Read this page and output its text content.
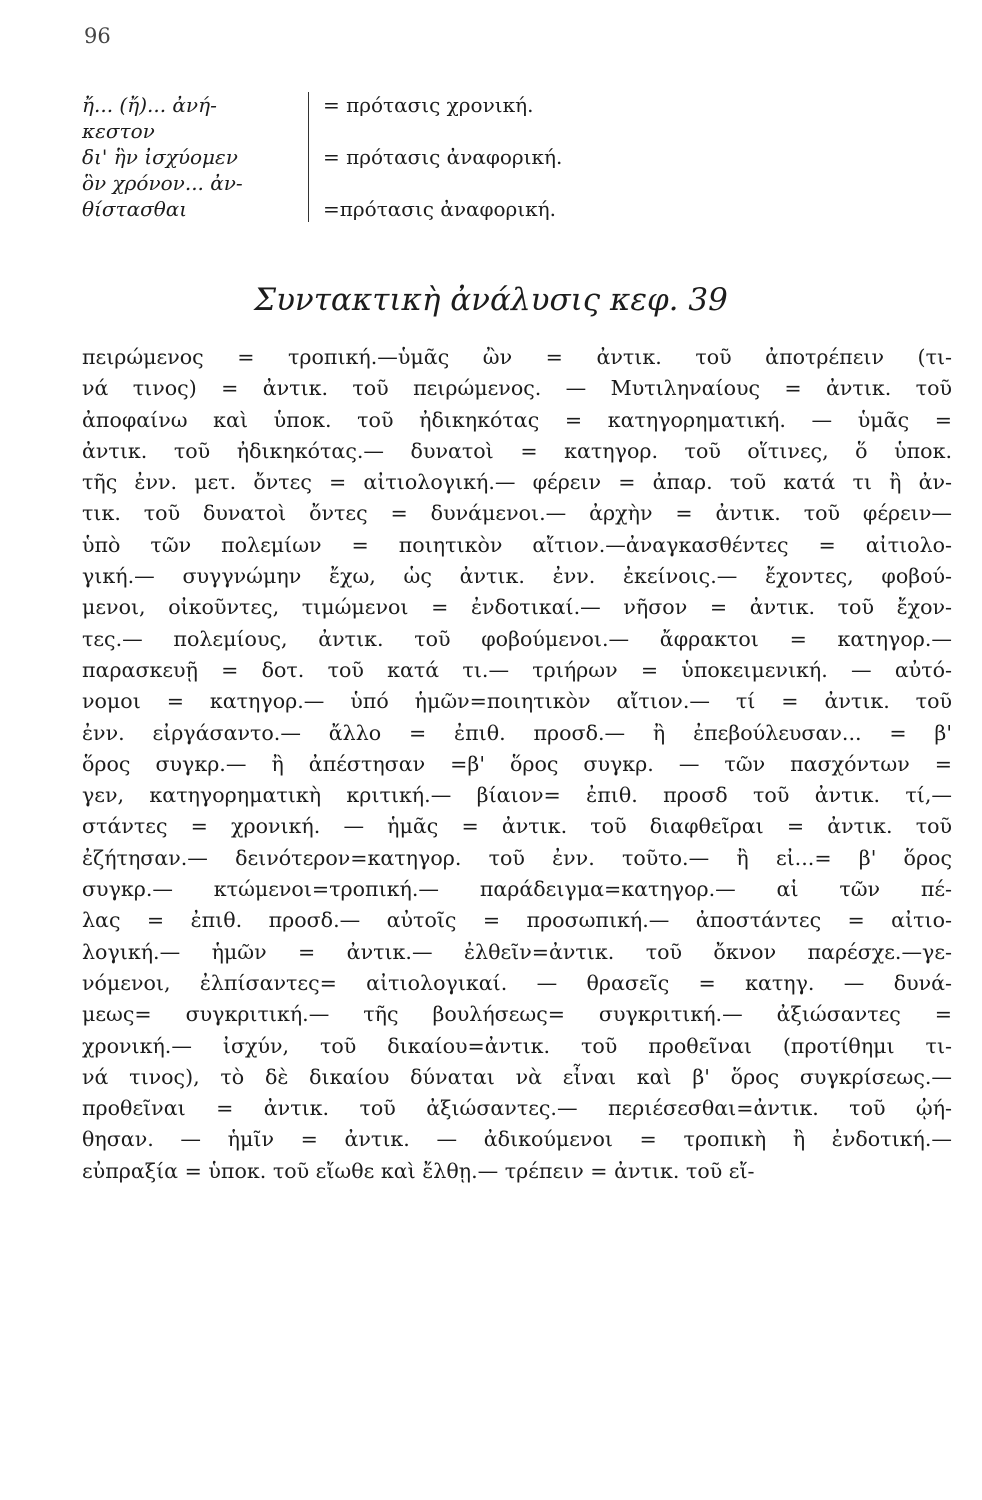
96
ἤ... (ἤ)... ἀνή-	= πρότασις χρονική.
κεστον
δι' ἣν ἰσχύομεν	= πρότασις ἀναφορική.
ὃν χρόνον... ἀν-
θίστασθαι	=πρότασις ἀναφορική.
Συντακτικὴ ἀνάλυσις κεφ. 39
πειρώμενος = τροπική.—ὑμᾶς ὢν = ἀντικ. τοῦ ἀποτρέπειν (τι-
νά τινος) = ἀντικ. τοῦ πειρώμενος. — Μυτιληναίους = ἀντικ. τοῦ
ἀποφαίνω καὶ ὑποκ. τοῦ ἠδικηκότας = κατηγορηματική. — ὑμᾶς =
ἀντικ. τοῦ ἠδικηκότας.— δυνατοὶ = κατηγορ. τοῦ οἵτινες, ὅ ὑποκ.
τῆς ἐνν. μετ. ὄντες = αἰτιολογική.— φέρειν = ἀπαρ. τοῦ κατά τι ἢ ἀν-
τικ. τοῦ δυνατοὶ ὄντες = δυνάμενοι.— ἀρχὴν = ἀντικ. τοῦ φέρειν—
ὑπὸ τῶν πολεμίων = ποιητικὸν αἴτιον.—ἀναγκασθέντες = αἰτιολο-
γική.— συγγνώμην ἔχω, ὡς ἀντικ. ἐνν. ἐκείνοις.— ἔχοντες, φοβού-
μενοι, οἰκοῦντες, τιμώμενοι = ἐνδοτικαί.— νῆσον = ἀντικ. τοῦ ἔχον-
τες.— πολεμίους, ἀντικ. τοῦ φοβούμενοι.— ἄφρακτοι = κατηγορ.—
παρασκευῇ = δοτ. τοῦ κατά τι.— τριήρων = ὑποκειμενική. — αὐτό-
νομοι = κατηγορ.— ὑπό ἡμῶν=ποιητικὸν αἴτιον.— τί = ἀντικ. τοῦ
ἐνν. εἰργάσαντο.— ἄλλο = ἐπιθ. προσδ.— ἢ ἐπεβούλευσαν... = β'
ὅρος συγκρ.— ἢ ἀπέστησαν =β' ὅρος συγκρ. — τῶν πασχόντων =
γεν, κατηγορηματικὴ κριτική.— βίαιον= ἐπιθ. προσδ τοῦ ἀντικ. τί,—
στάντες = χρονική. — ἡμᾶς = ἀντικ. τοῦ διαφθεῖραι = ἀντικ. τοῦ
ἐζήτησαν.— δεινότερον=κατηγορ. τοῦ ἐνν. τοῦτο.— ἢ εἰ...= β' ὅρος
συγκρ.— κτώμενοι=τροπική.— παράδειγμα=κατηγορ.— αἱ τῶν πέ-
λας = ἐπιθ. προσδ.— αὐτοῖς = προσωπική.— ἀποστάντες = αἰτιο-
λογική.— ἡμῶν = ἀντικ.— ἐλθεῖν=ἀντικ. τοῦ ὄκνον παρέσχε.—γε-
νόμενοι, ἐλπίσαντες= αἰτιολογικαί. — θρασεῖς = κατηγ. — δυνά-
μεως= συγκριτική.— τῆς βουλήσεως= συγκριτική.— ἀξιώσαντες =
χρονική.— ἰσχύν, τοῦ δικαίου=ἀντικ. τοῦ προθεῖναι (προτίθημι τι-
νά τινος), τὸ δὲ δικαίου δύναται νὰ εἶναι καὶ β' ὅρος συγκρίσεως.—
προθεῖναι = ἀντικ. τοῦ ἀξιώσαντες.— περιέσεσθαι=ἀντικ. τοῦ ᾠή-
θησαν. — ἡμῖν = ἀντικ. — ἀδικούμενοι = τροπικὴ ἢ ἐνδοτική.—
εὐπραξία = ὑποκ. τοῦ εἴωθε καὶ ἔλθῃ.— τρέπειν = ἀντικ. τοῦ εἴ-
